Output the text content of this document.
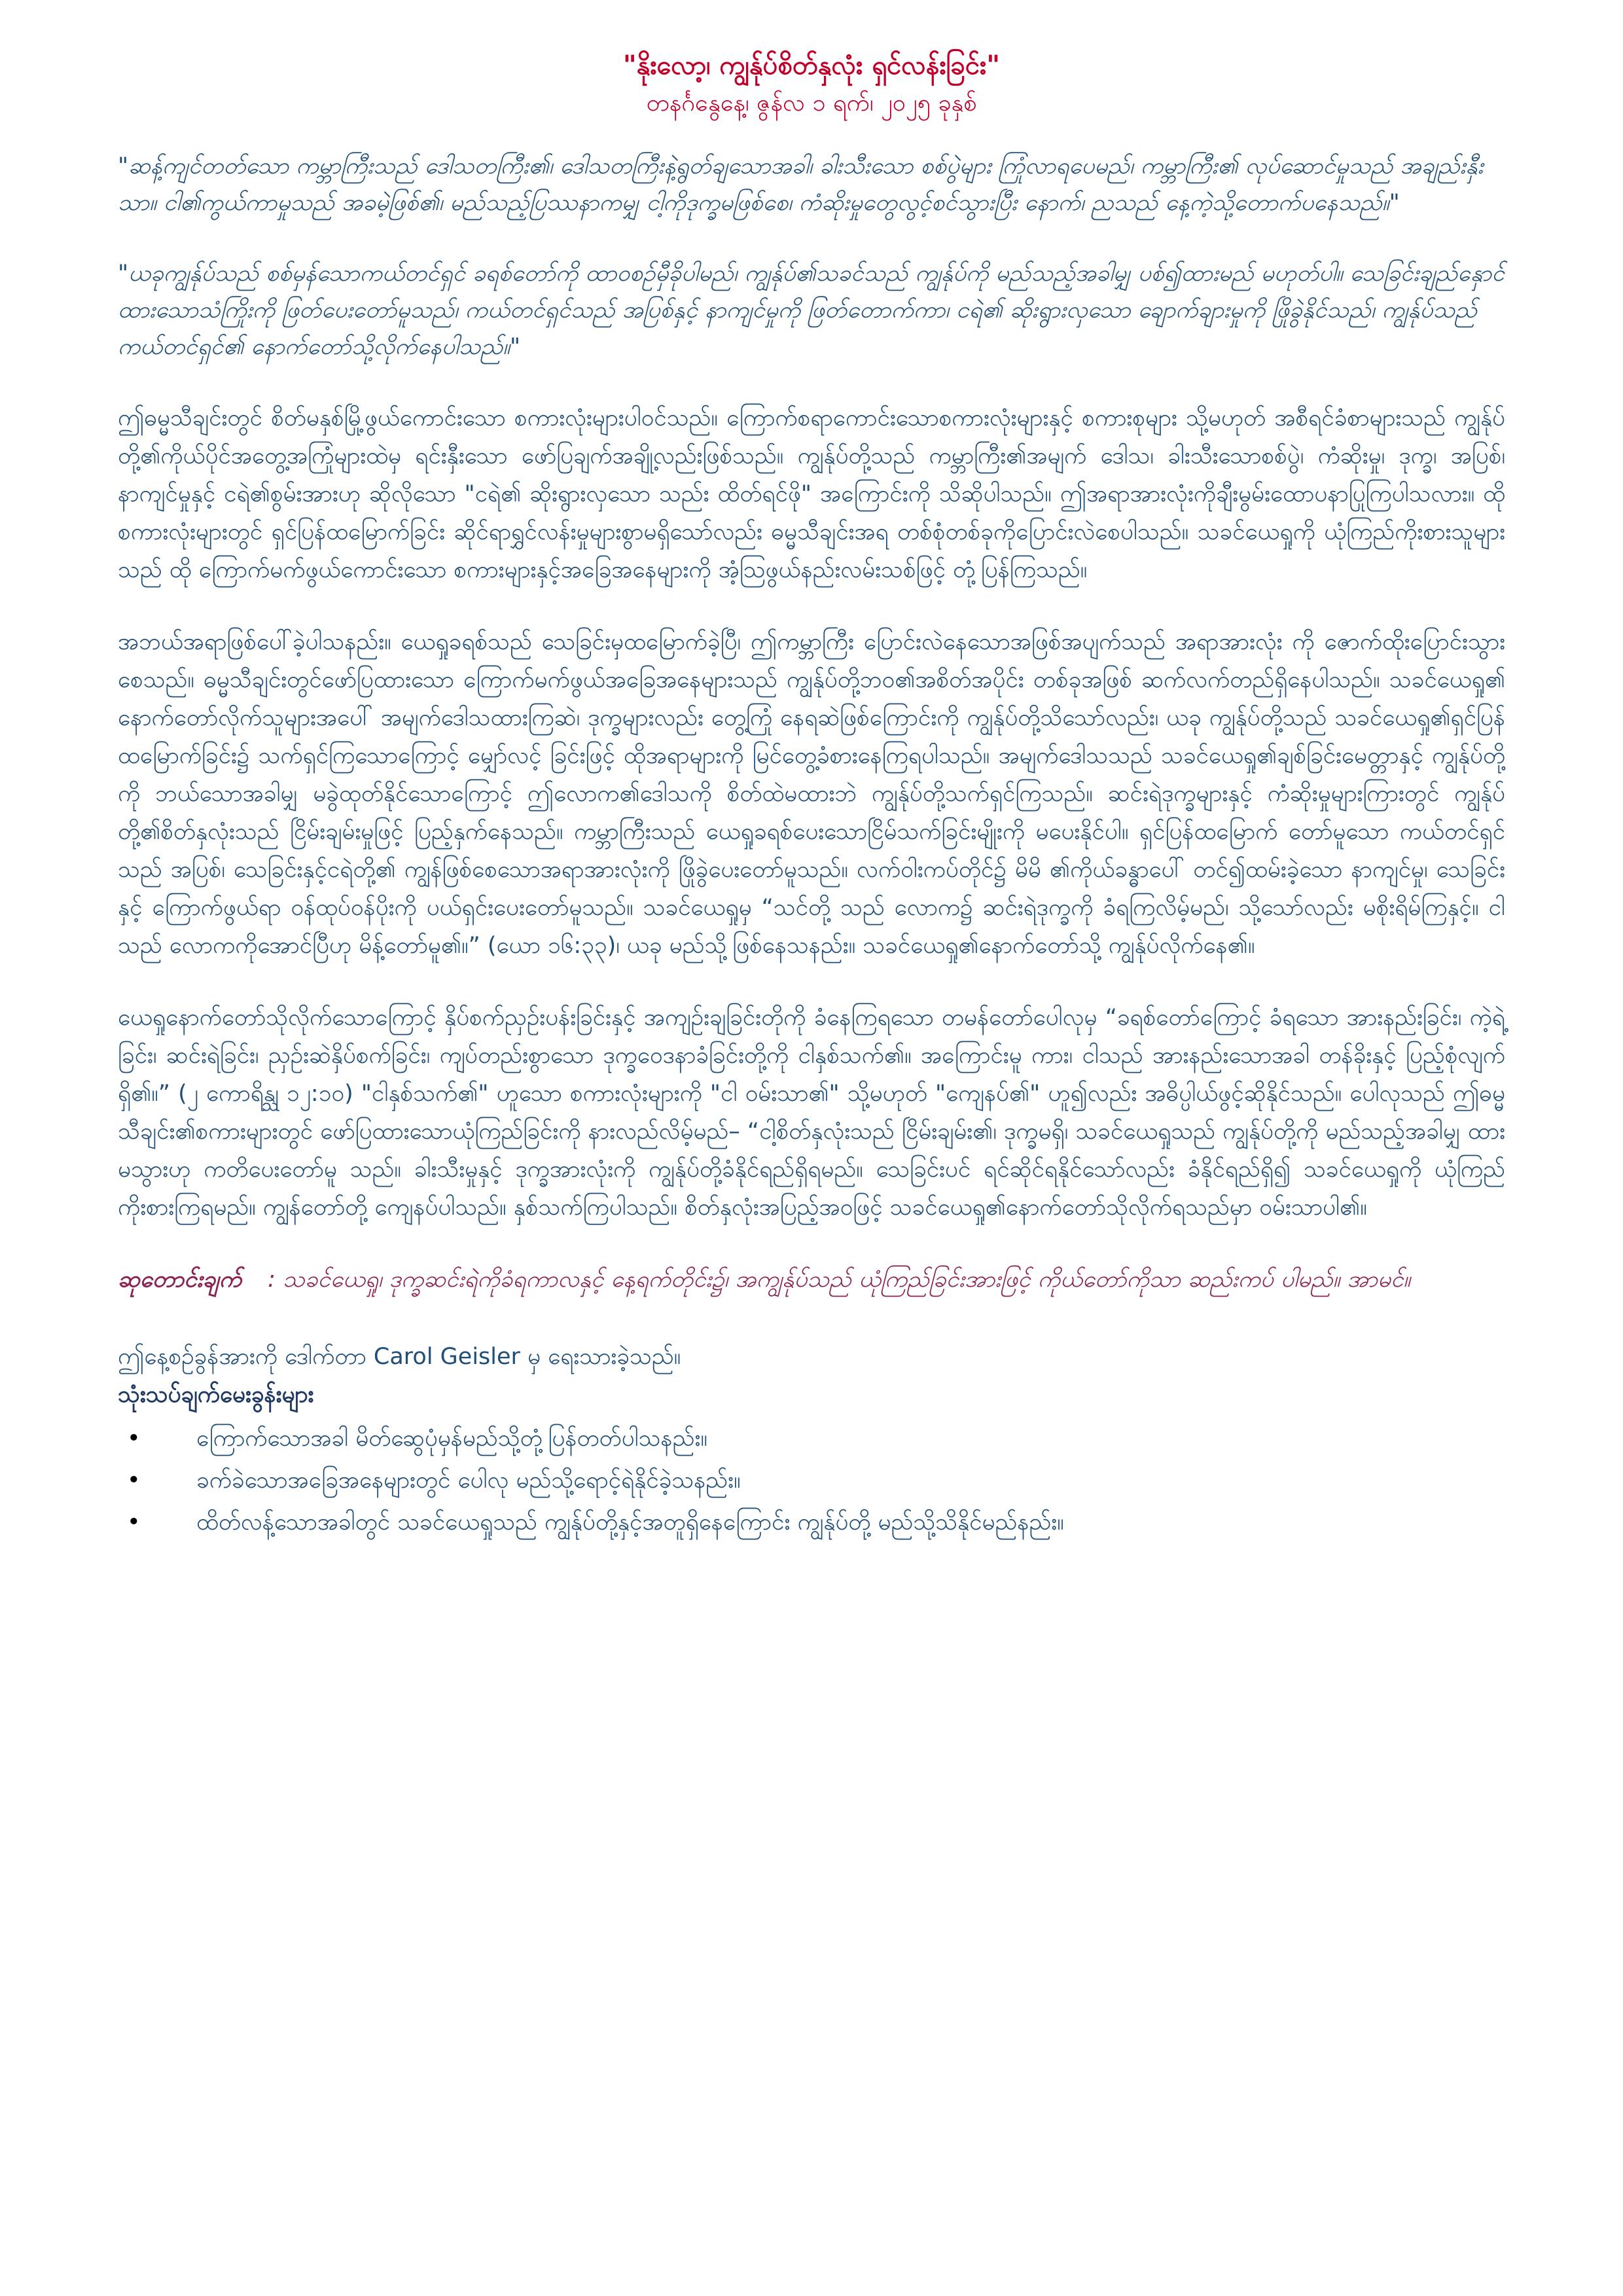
"နိုးလော့၊ ကျွန်ုပ်စိတ်နှလုံး ရှင်လန်းခြင်း"

တနင်္ဂနွေနေ့၊ ဇွန်လ ၁ ရက်၊ ၂၀၂၅ ခုနှစ်

"ဆန့်ကျင်တတ်သော ကမ္ဘာကြီးသည် ဒေါသတကြီး၏၊ ဒေါသတကြီးနဲ့ရွတ်ချသောအခါ၊ ခါးသီးသော စစ်ပွဲများ ကြုံလာရပေမည်၊ ကမ္ဘာကြီး၏ လုပ်ဆောင်မှုသည် အချည်းနှီးသာ။ ငါ၏ကွယ်ကာမှုသည် အခမဲ့ဖြစ်၏၊ မည်သည့်ပြဿနာကမျှ ငါ့ကိုဒုက္ခမဖြစ်စေ၊ ကံဆိုးမှုတွေလွင့်စင်သွားပြီး နောက်၊ ညသည် နေ့ကဲ့သို့တောက်ပနေသည်။"

"ယခုကျွန်ုပ်သည် စစ်မှန်သောကယ်တင်ရှင် ခရစ်တော်ကို ထာဝစဉ်မှီခိုပါမည်၊ ကျွန်ုပ်၏သခင်သည် ကျွန်ုပ်ကို မည်သည့်အခါမျှ ပစ်၍ထားမည် မဟုတ်ပါ။ သေခြင်းချည်နှောင်ထားသောသံကြိုးကို ဖြတ်ပေးတော်မူသည်၊ ကယ်တင်ရှင်သည် အပြစ်နှင့် နာကျင်မှုကို ဖြတ်တောက်ကာ၊ ငရဲ၏ ဆိုးရွားလှသော ချောက်ချားမှုကို ဖြိုခွဲနိုင်သည်၊ ကျွန်ုပ်သည် ကယ်တင်ရှင်၏ နောက်တော်သို့လိုက်နေပါသည်။"

ဤဓမ္မသီချင်းတွင် စိတ်မနှစ်မြို့ဖွယ်ကောင်းသော စကားလုံးများပါဝင်သည်။ ကြောက်စရာကောင်းသောစကားလုံးများနှင့် စကားစုများ သို့မဟုတ် အစီရင်ခံစာများသည် ကျွန်ုပ်တို့၏ကိုယ်ပိုင်အတွေ့အကြုံများထဲမှ ရင်းနှီးသော ဖော်ပြချက်အချို့လည်းဖြစ်သည်။ ကျွန်ုပ်တို့သည် ကမ္ဘာကြီး၏အမျက် ဒေါသ၊ ခါးသီးသောစစ်ပွဲ၊ ကံဆိုးမှု၊ ဒုက္ခ၊ အပြစ်၊ နာကျင်မှုနှင့် ငရဲ၏စွမ်းအားဟု ဆိုလိုသော "ငရဲ၏ ဆိုးရွားလှသော သည်း ထိတ်ရင်ဖို" အကြောင်းကို သိဆိုပါသည်။ ဤအရာအားလုံးကိုချီးမွမ်းထောပနာပြုကြပါသလား။ ထိုစကားလုံးများတွင် ရှင်ပြန်ထမြောက်ခြင်း ဆိုင်ရာရွှင်လန်းမှုများစွာမရှိသော်လည်း ဓမ္မသီချင်းအရ တစ်စုံတစ်ခုကိုပြောင်းလဲစေပါသည်။ သခင်ယေရှုကို ယုံကြည်ကိုးစားသူများသည် ထို ကြောက်မက်ဖွယ်ကောင်းသော စကားများနှင့်အခြေအနေများကို အံ့သြဖွယ်နည်းလမ်းသစ်ဖြင့် တုံ့ပြန်ကြသည်။

အဘယ်အရာဖြစ်ပေါ်ခဲ့ပါသနည်း။ ယေရှုခရစ်သည် သေခြင်းမှထမြောက်ခဲ့ပြီ၊ ဤကမ္ဘာကြီး ပြောင်းလဲနေသောအဖြစ်အပျက်သည် အရာအားလုံး ကို ဇောက်ထိုးပြောင်းသွားစေသည်။ ဓမ္မသီချင်းတွင်ဖော်ပြထားသော ကြောက်မက်ဖွယ်အခြေအနေများသည် ကျွန်ုပ်တို့ဘဝ၏အစိတ်အပိုင်း တစ်ခုအဖြစ် ဆက်လက်တည်ရှိနေပါသည်။ သခင်ယေရှု၏ နောက်တော်လိုက်သူများအပေါ် အမျက်ဒေါသထားကြဆဲ၊ ဒုက္ခများလည်း တွေ့ကြုံ နေရဆဲဖြစ်ကြောင်းကို ကျွန်ုပ်တို့သိသော်လည်း၊ ယခု ကျွန်ုပ်တို့သည် သခင်ယေရှု၏ရှင်ပြန်ထမြောက်ခြင်း၌ သက်ရှင်ကြသောကြောင့် မျှော်လင့် ခြင်းဖြင့် ထိုအရာများကို မြင်တွေ့ခံစားနေကြရပါသည်။ အမျက်ဒေါသသည် သခင်ယေရှု၏ချစ်ခြင်းမေတ္တာနှင့် ကျွန်ုပ်တို့ကို ဘယ်သောအခါမျှ မခွဲထုတ်နိုင်သောကြောင့် ဤလောက၏ဒေါသကို စိတ်ထဲမထားဘဲ ကျွန်ုပ်တို့သက်ရှင်ကြသည်။ ဆင်းရဲဒုက္ခများနှင့် ကံဆိုးမှုများကြားတွင် ကျွန်ုပ် တို့၏စိတ်နှလုံးသည် ငြိမ်းချမ်းမှုဖြင့် ပြည့်နှက်နေသည်။ ကမ္ဘာကြီးသည် ယေရှုခရစ်ပေးသောငြိမ်သက်ခြင်းမျိုးကို မပေးနိုင်ပါ။ ရှင်ပြန်ထမြောက် တော်မူသော ကယ်တင်ရှင်သည် အပြစ်၊ သေခြင်းနှင့်ငရဲတို့၏ ကျွန်ဖြစ်စေသောအရာအားလုံးကို ဖြိုခွဲပေးတော်မူသည်။ လက်ဝါးကပ်တိုင်၌ မိမိ ၏ကိုယ်ခန္ဓာပေါ် တင်၍ထမ်းခဲ့သော နာကျင်မှု၊ သေခြင်းနှင့် ကြောက်ဖွယ်ရာ ဝန်ထုပ်ဝန်ပိုးကို ပယ်ရှင်းပေးတော်မူသည်။ သခင်ယေရှုမှ “သင်တို့ သည် လောက၌ ဆင်းရဲဒုက္ခကို ခံရကြလိမ့်မည်၊ သို့သော်လည်း မစိုးရိမ်ကြနှင့်။ ငါသည် လောကကိုအောင်ပြီဟု မိန့်တော်မူ၏။” (ယော ၁၆:၃၃)၊ ယခု မည်သို့ဖြစ်နေသနည်း။ သခင်ယေရှု၏နောက်တော်သို့ ကျွန်ုပ်လိုက်နေ၏။

ယေရှုနောက်တော်သိုလိုက်သောကြောင့် နှိပ်စက်ညှဉ်းပန်းခြင်းနှင့် အကျဉ်းချခြင်းတိုကို ခံနေကြရသော တမန်တော်ပေါလုမှ “ခရစ်တော်ကြောင့် ခံရသော အားနည်းခြင်း၊ ကဲ့ရဲ့ခြင်း၊ ဆင်းရဲခြင်း၊ ညှဉ်းဆဲနှိပ်စက်ခြင်း၊ ကျပ်တည်းစွာသော ဒုက္ခဝေဒနာခံခြင်းတို့ကို ငါနှစ်သက်၏။ အကြောင်းမူ ကား၊ ငါသည် အားနည်းသောအခါ တန်ခိုးနှင့် ပြည့်စုံလျက်ရှိ၏။” (၂ ကောရိန္သု ၁၂:၁၀) "ငါနှစ်သက်၏" ဟူသော စကားလုံးများကို "ငါ ဝမ်းသာ၏" သို့မဟုတ် "ကျေနပ်၏" ဟူ၍လည်း အဓိပ္ပါယ်ဖွင့်ဆိုနိုင်သည်။ ပေါလုသည် ဤဓမ္မသီချင်း၏စကားများတွင် ဖော်ပြထားသောယုံကြည်ခြင်းကို နားလည်လိမ့်မည်– “ငါ့စိတ်နှလုံးသည် ငြိမ်းချမ်း၏၊ ဒုက္ခမရှိ၊ သခင်ယေရှုသည် ကျွန်ုပ်တို့ကို မည်သည့်အခါမျှ ထားမသွားဟု ကတိပေးတော်မူ သည်။ ခါးသီးမှုနှင့် ဒုက္ခအားလုံးကို ကျွန်ုပ်တို့ခံနိုင်ရည်ရှိရမည်။ သေခြင်းပင် ရင်ဆိုင်ရနိုင်သော်လည်း ခံနိုင်ရည်ရှိ၍ သခင်ယေရှုကို ယုံကြည် ကိုးစားကြရမည်။ ကျွန်တော်တို့ ကျေနပ်ပါသည်။ နှစ်သက်ကြပါသည်။ စိတ်နှလုံးအပြည့်အဝဖြင့် သခင်ယေရှု၏နောက်တော်သိုလိုက်ရသည်မှာ ဝမ်းသာပါ၏။

ဆုတောင်းချက် : သခင်ယေရှု၊ ဒုက္ခဆင်းရဲကိုခံရကာလနှင့် နေ့ရက်တိုင်း၌၊ အကျွန်ုပ်သည် ယုံကြည်ခြင်းအားဖြင့် ကိုယ်တော်ကိုသာ ဆည်းကပ် ပါမည်။ အာမင်။

ဤနေ့စဉ်ခွန်အားကို ဒေါက်တာ Carol Geisler မှ ရေးသားခဲ့သည်။

သုံးသပ်ချက်မေးခွန်းများ

• ကြောက်သောအခါ မိတ်ဆွေပုံမှန်မည်သို့တုံ့ပြန်တတ်ပါသနည်း။
• ခက်ခဲသောအခြေအနေများတွင် ပေါလု မည်သို့ရောင့်ရဲနိုင်ခဲ့သနည်း။
• ထိတ်လန့်သောအခါတွင် သခင်ယေရှုသည် ကျွန်ုပ်တို့နှင့်အတူရှိနေကြောင်း ကျွန်ုပ်တို့ မည်သို့သိနိုင်မည်နည်း။
